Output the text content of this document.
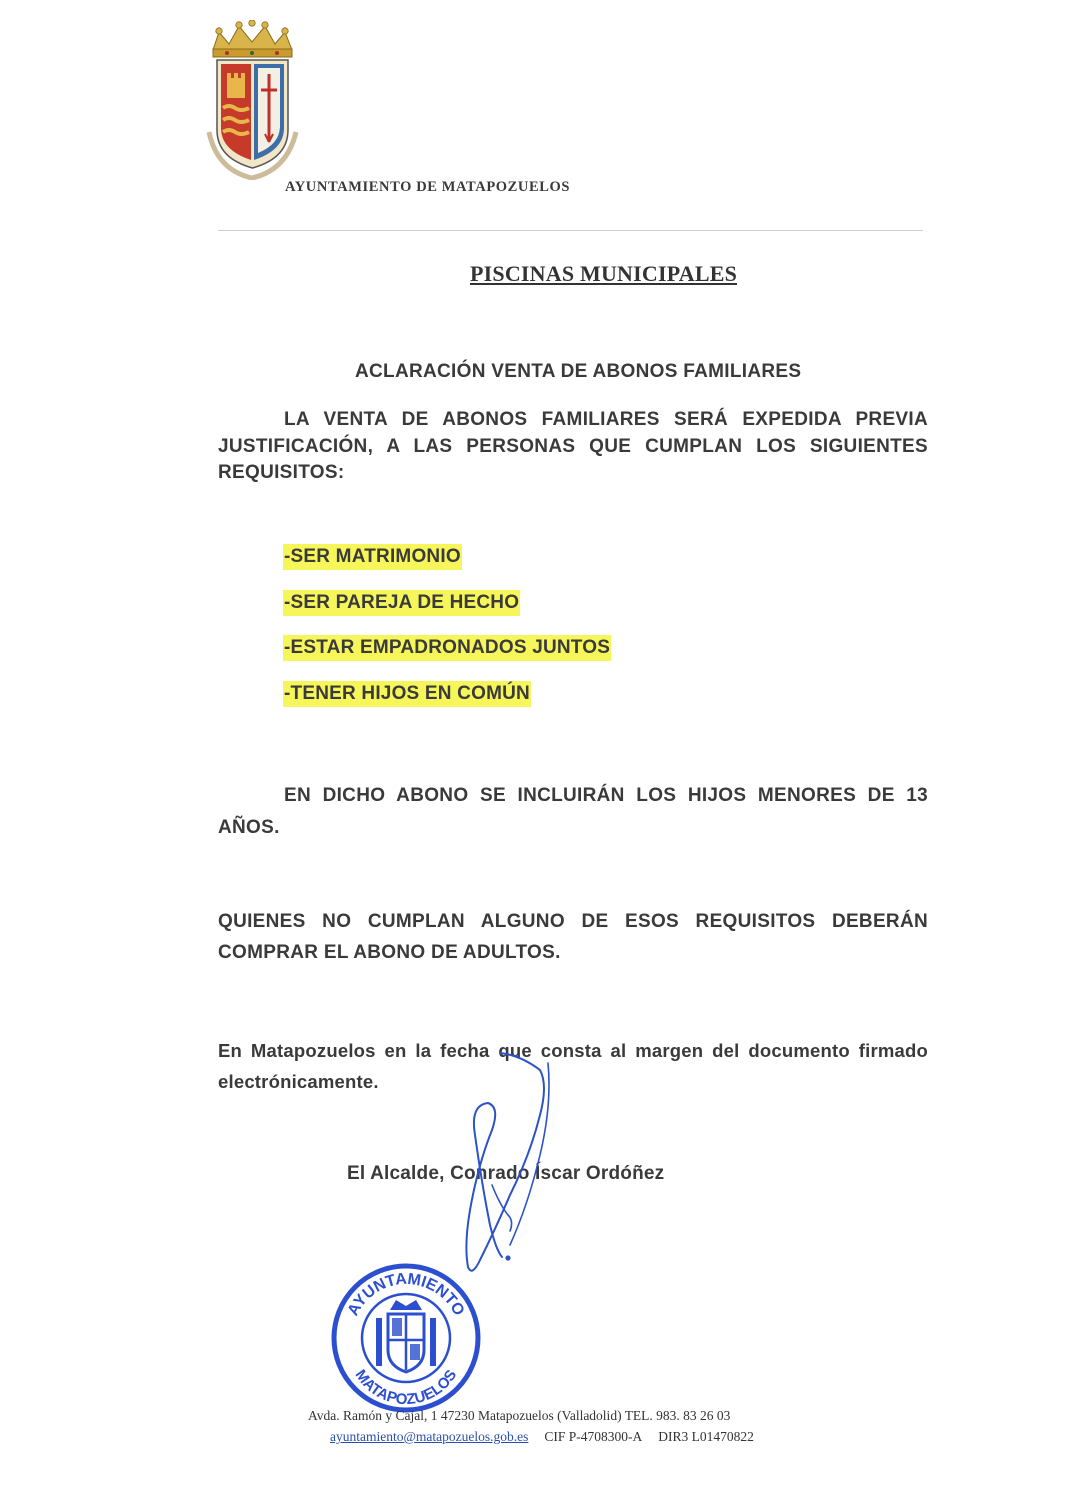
AYUNTAMIENTO DE MATAPOZUELOS
PISCINAS MUNICIPALES
ACLARACIÓN VENTA DE ABONOS FAMILIARES
LA VENTA DE ABONOS FAMILIARES SERÁ EXPEDIDA PREVIA JUSTIFICACIÓN, A LAS PERSONAS QUE CUMPLAN LOS SIGUIENTES REQUISITOS:
-SER MATRIMONIO
-SER PAREJA DE HECHO
-ESTAR EMPADRONADOS JUNTOS
-TENER HIJOS EN COMÚN
EN DICHO ABONO SE INCLUIRÁN LOS HIJOS MENORES DE 13 AÑOS.
QUIENES NO CUMPLAN ALGUNO DE ESOS REQUISITOS DEBERÁN COMPRAR EL ABONO DE ADULTOS.
En Matapozuelos en la fecha que consta al margen del documento firmado electrónicamente.
El Alcalde, Conrado Íscar Ordóñez
AYUNTAMIENTO
MATAPOZUELOS
Avda. Ramón y Cajal, 1 47230 Matapozuelos (Valladolid) TEL. 983. 83 26 03
ayuntamiento@matapozuelos.gob.es CIF P-4708300-A DIR3 L01470822
